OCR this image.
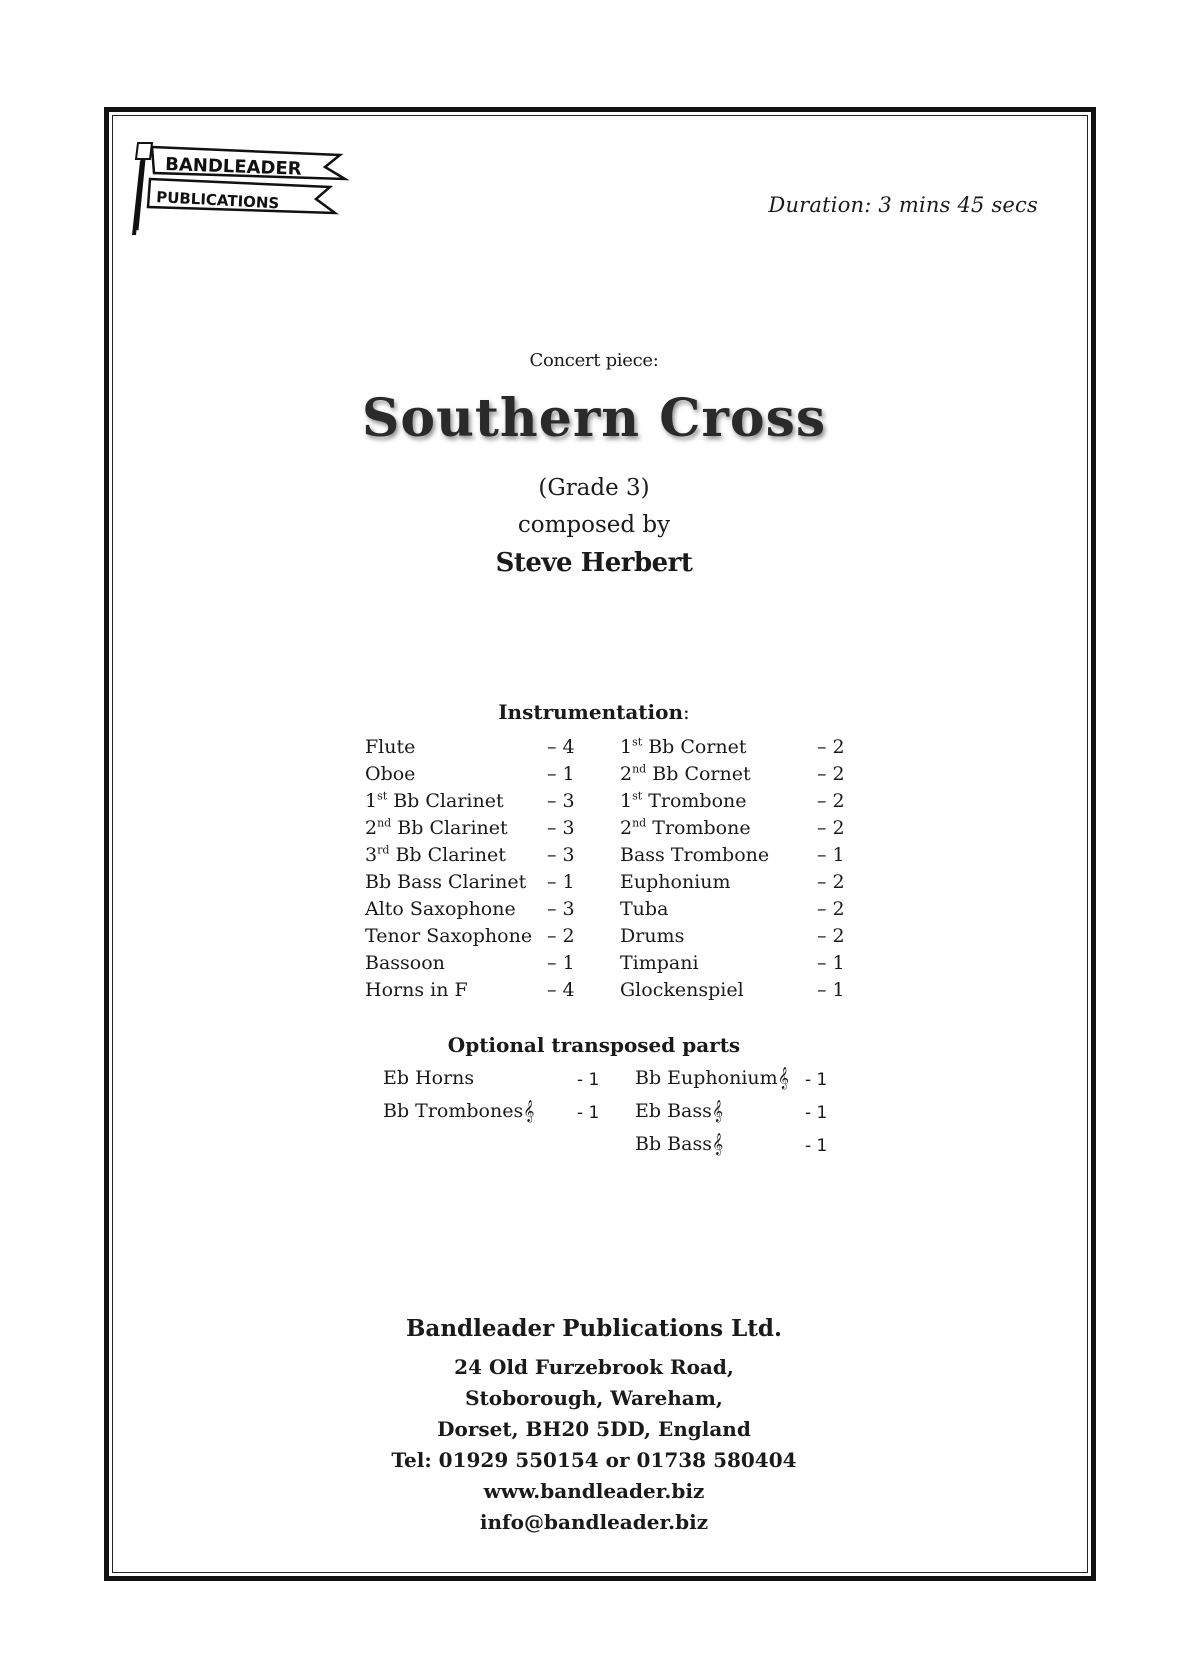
BANDLEADER
PUBLICATIONS	Duration: 3 mins 45 secs
Concert piece:
Southern Cross
(Grade 3)
composed by
Steve Herbert
Instrumentation:
Flute	– 4
Oboe	– 1
1st Bb Clarinet – 3
2nd Bb Clarinet – 3
3rd Bb Clarinet – 3
Bb Bass Clarinet – 1
Alto Saxophone – 3
Tenor Saxophone – 2
Bassoon	– 1
Horns in F	– 4
1st Bb Cornet	– 2
2nd Bb Cornet	– 2
1st Trombone	– 2
2nd Trombone	– 2
Bass Trombone	– 1
Euphonium	– 2
Tuba	– 2
Drums	– 2
Timpani	– 1
Glockenspiel	– 1
Optional transposed parts
Eb Horns	- 1
Bb Trombones𝄞	- 1
Bb Euphonium𝄞 - 1
Eb Bass𝄞	- 1
Bb Bass𝄞	- 1
Bandleader Publications Ltd.
24 Old Furzebrook Road,
Stoborough, Wareham,
Dorset, BH20 5DD, England
Tel: 01929 550154 or 01738 580404
www.bandleader.biz
info@bandleader.biz
